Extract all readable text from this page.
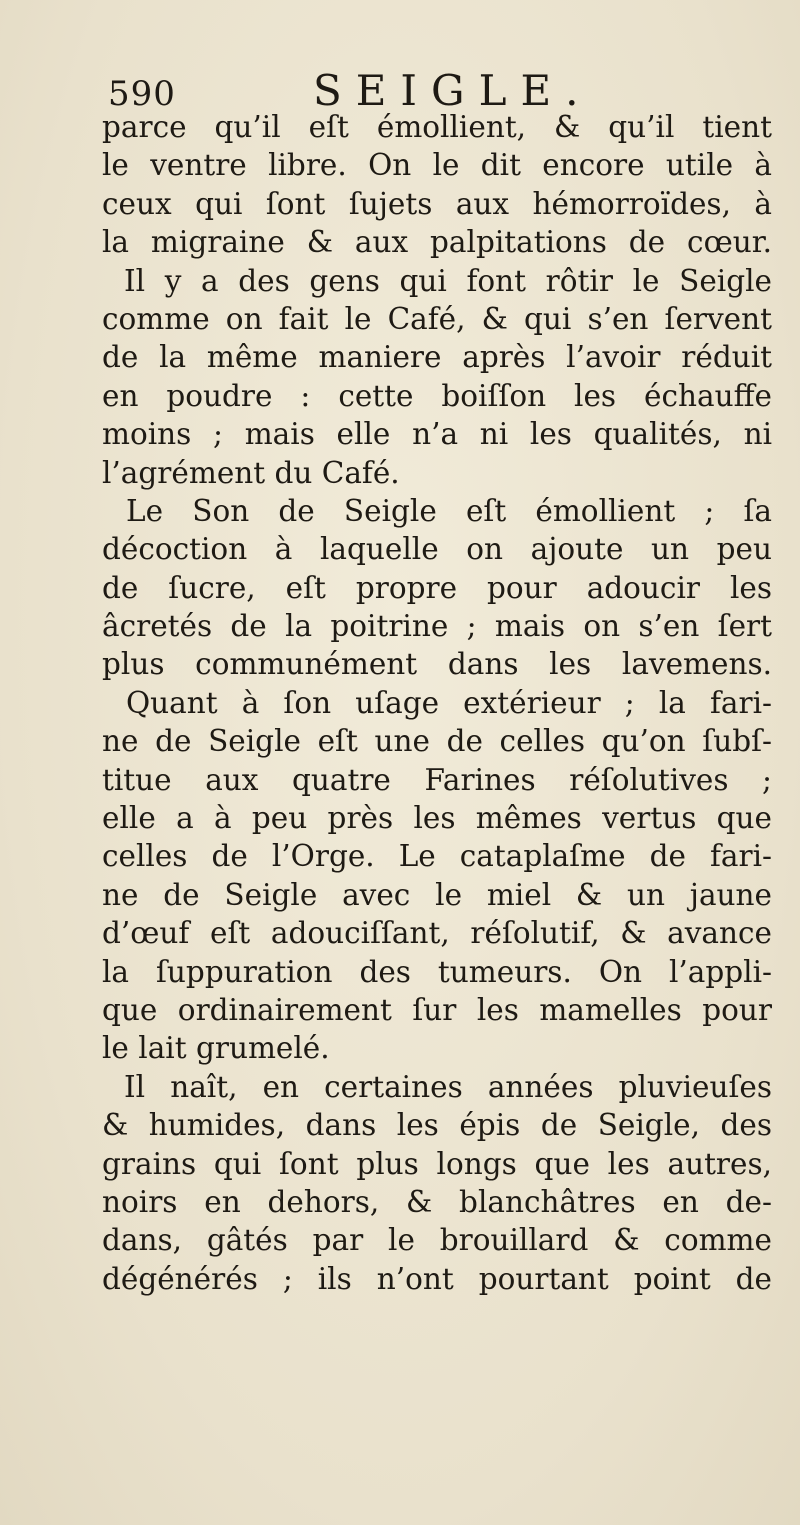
590	SEIGLE.
parce qu’il eſt émollient, & qu’il tient
le ventre libre. On le dit encore utile à
ceux qui ſont ſujets aux hémorroïdes, à
la migraine & aux palpitations de cœur.
Il y a des gens qui font rôtir le Seigle
comme on fait le Café, & qui s’en ſervent
de la même maniere après l’avoir réduit
en poudre : cette boiſſon les échauffe
moins ; mais elle n’a ni les qualités, ni
l’agrément du Café.
Le Son de Seigle eſt émollient ; ſa
décoction à laquelle on ajoute un peu
de ſucre, eſt propre pour adoucir les
âcretés de la poitrine ; mais on s’en ſert
plus communément dans les lavemens.
Quant à ſon uſage extérieur ; la fari-
ne de Seigle eſt une de celles qu’on ſubſ-
titue aux quatre Farines réſolutives ;
elle a à peu près les mêmes vertus que
celles de l’Orge. Le cataplaſme de fari-
ne de Seigle avec le miel & un jaune
d’œuf eſt adouciſſant, réſolutif, & avance
la ſuppuration des tumeurs. On l’appli-
que ordinairement ſur les mamelles pour
le lait grumelé.
Il naît, en certaines années pluvieuſes
& humides, dans les épis de Seigle, des
grains qui ſont plus longs que les autres,
noirs en dehors, & blanchâtres en de-
dans, gâtés par le brouillard & comme
dégénérés ; ils n’ont pourtant point de
